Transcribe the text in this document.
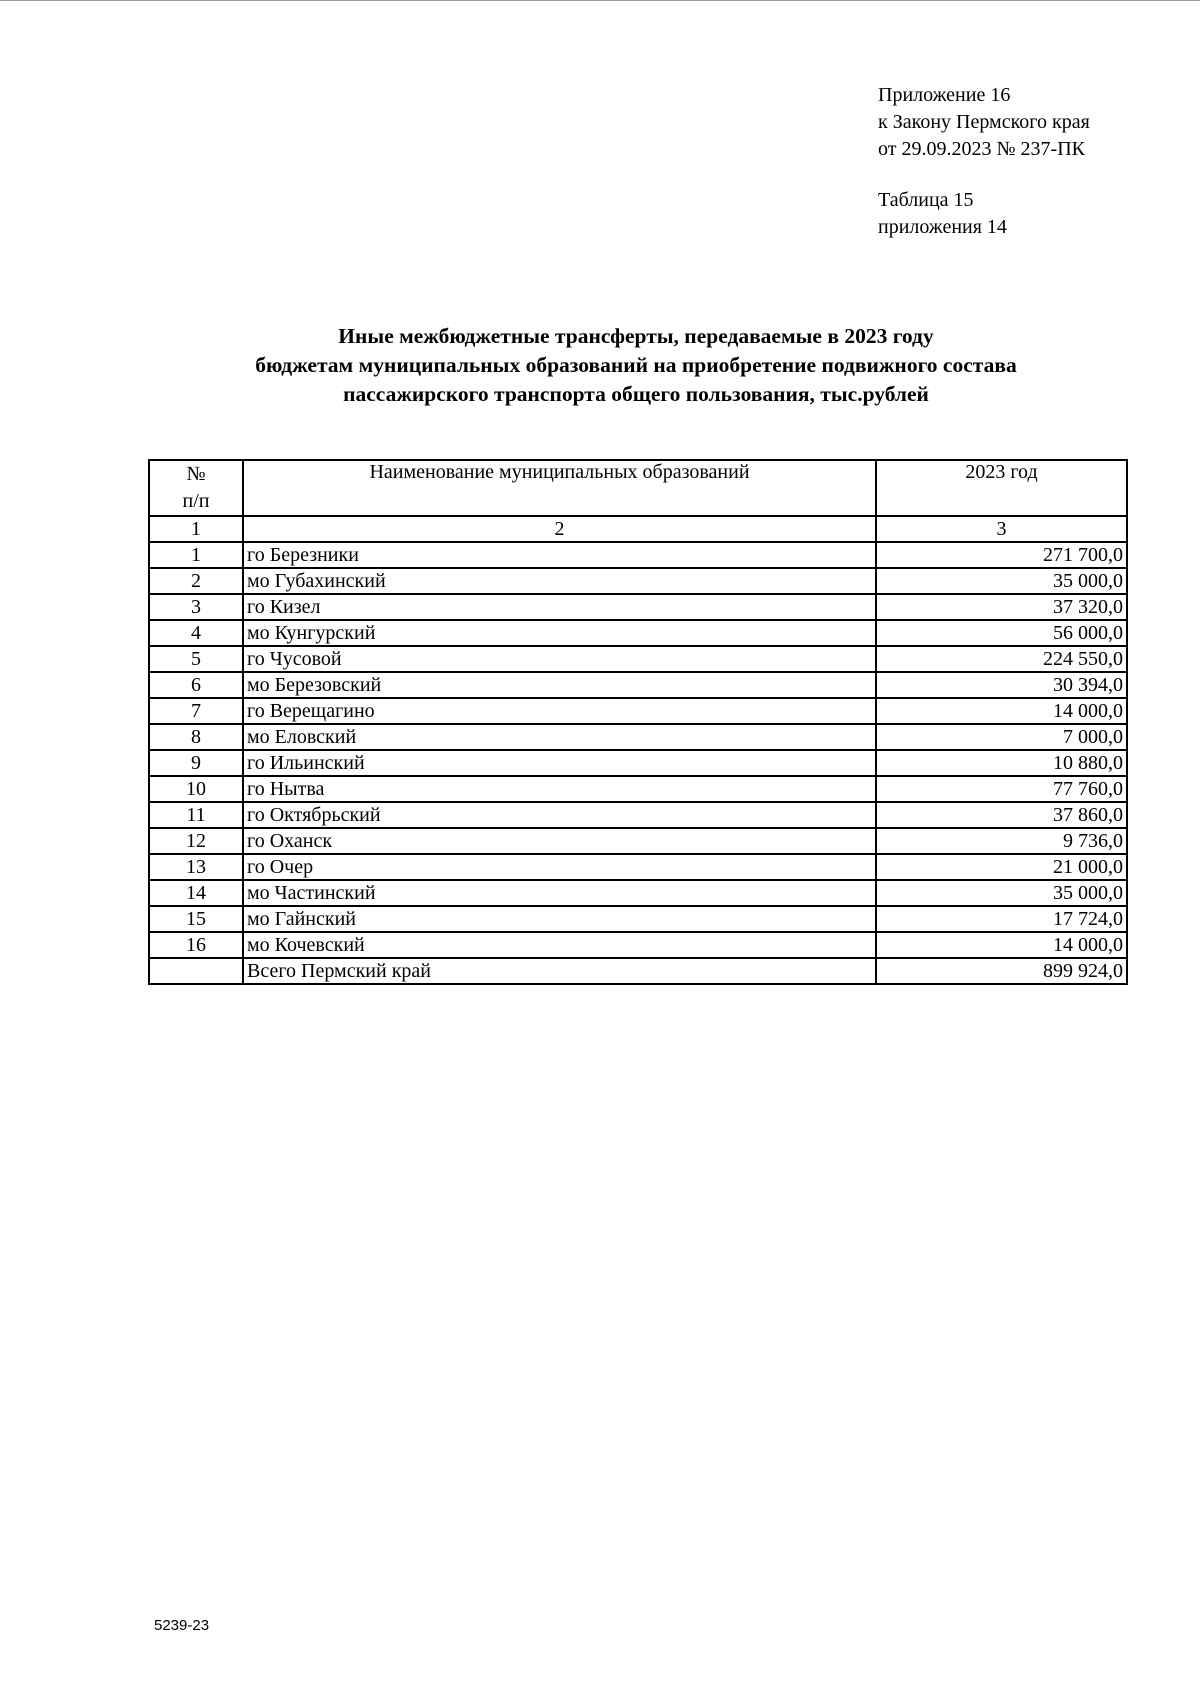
Приложение 16
к Закону Пермского края
от 29.09.2023 № 237-ПК
Таблица 15
приложения 14
Иные межбюджетные трансферты, передаваемые в 2023 году
бюджетам муниципальных образований на приобретение подвижного состава
пассажирского транспорта общего пользования, тыс.рублей
№
п/п	Наименование муниципальных образований	2023 год
1	2	3
1	го Березники	271 700,0
2	мо Губахинский	35 000,0
3	го Кизел	37 320,0
4	мо Кунгурский	56 000,0
5	го Чусовой	224 550,0
6	мо Березовский	30 394,0
7	го Верещагино	14 000,0
8	мо Еловский	7 000,0
9	го Ильинский	10 880,0
10	го Нытва	77 760,0
11	го Октябрьский	37 860,0
12	го Оханск	9 736,0
13	го Очер	21 000,0
14	мо Частинский	35 000,0
15	мо Гайнский	17 724,0
16	мо Кочевский	14 000,0
	Всего Пермский край	899 924,0
5239-23
